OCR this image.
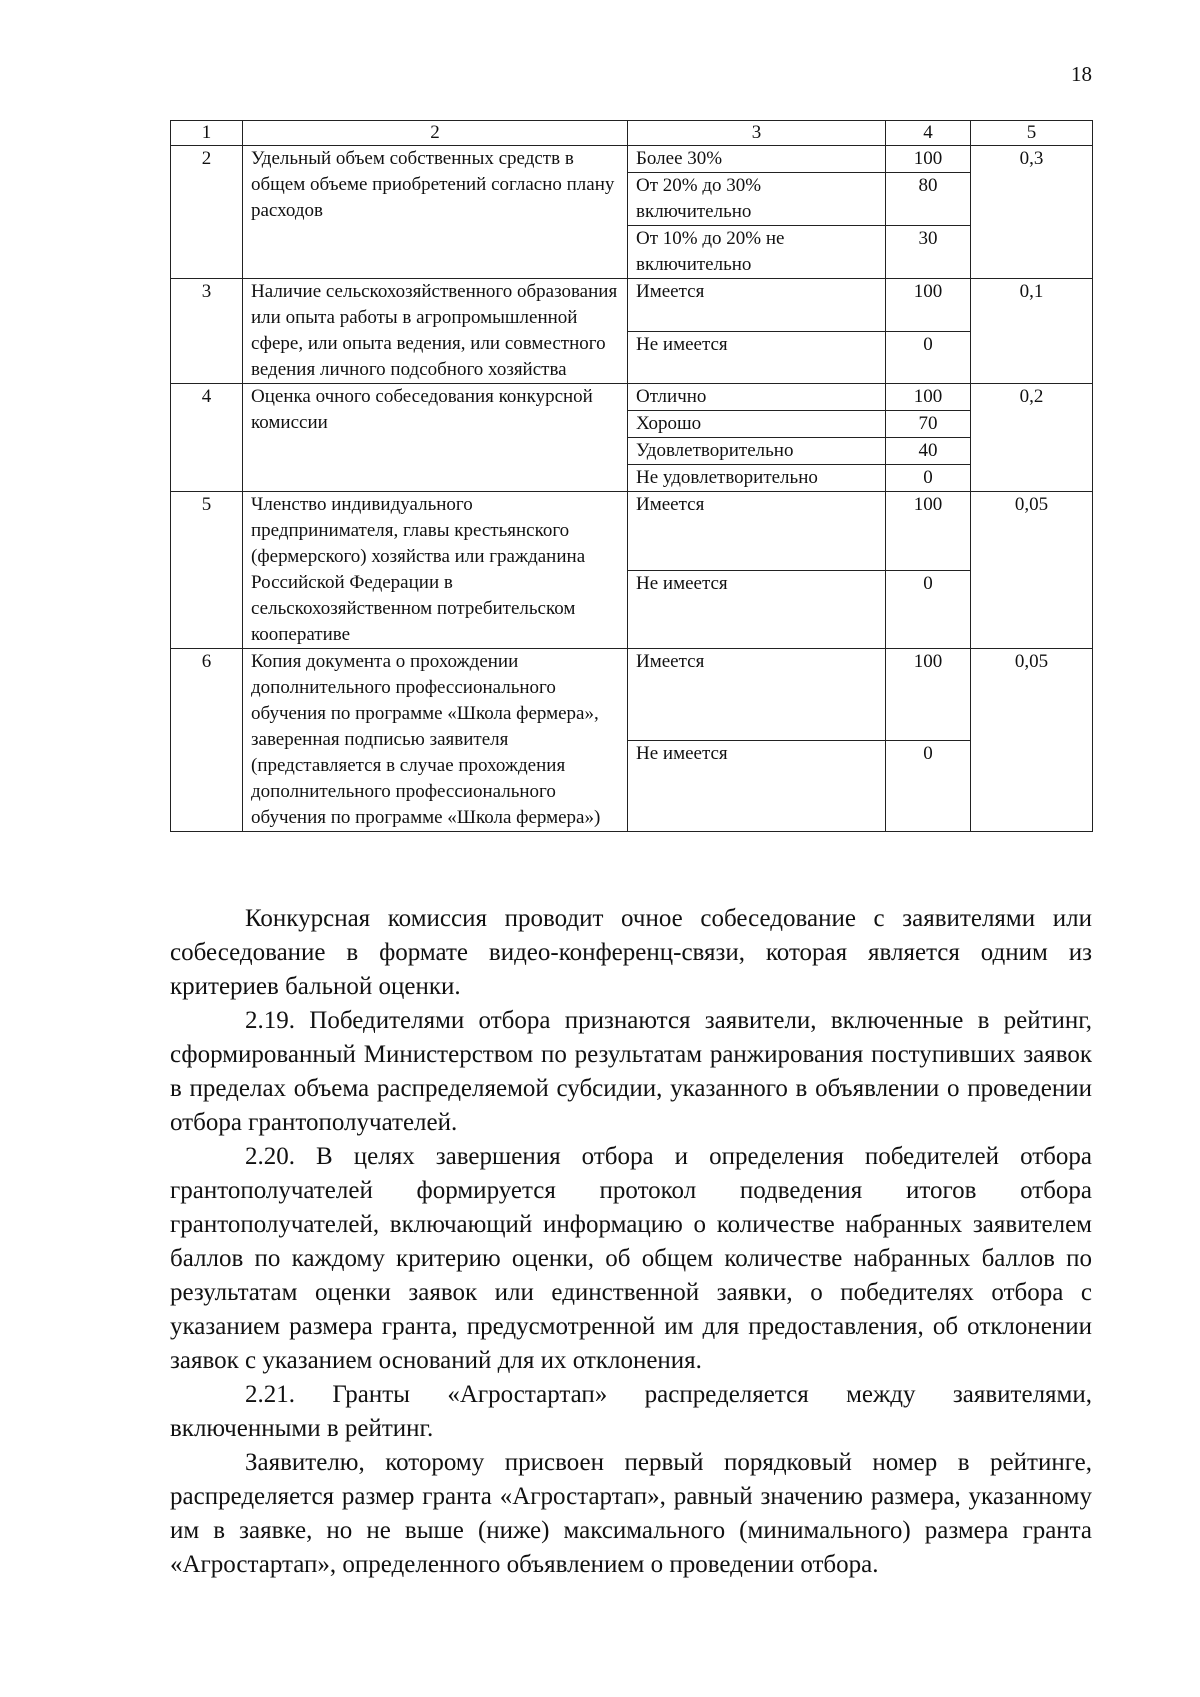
18
1	2	3	4	5
2	Удельный объем собственных средств в общем объеме приобретений согласно плану расходов	Более 30%	100	0,3
		От 20% до 30% включительно	80	
		От 10% до 20% не включительно	30	
3	Наличие сельскохозяйственного образования или опыта работы в агропромышленной сфере, или опыта ведения, или совместного ведения личного подсобного хозяйства	Имеется	100	0,1
		Не имеется	0	
4	Оценка очного собеседования конкурсной комиссии	Отлично	100	0,2
		Хорошо	70	
		Удовлетворительно	40	
		Не удовлетворительно	0	
5	Членство индивидуального предпринимателя, главы крестьянского (фермерского) хозяйства или гражданина Российской Федерации в сельскохозяйственном потребительском кооперативе	Имеется	100	0,05
		Не имеется	0	
6	Копия документа о прохождении дополнительного профессионального обучения по программе «Школа фермера», заверенная подписью заявителя (представляется в случае прохождения дополнительного профессионального обучения по программе «Школа фермера»)	Имеется	100	0,05
		Не имеется	0	

Конкурсная комиссия проводит очное собеседование с заявителями или собеседование в формате видео-конференц-связи, которая является одним из критериев бальной оценки.

2.19. Победителями отбора признаются заявители, включенные в рейтинг, сформированный Министерством по результатам ранжирования поступивших заявок в пределах объема распределяемой субсидии, указанного в объявлении о проведении отбора грантополучателей.

2.20. В целях завершения отбора и определения победителей отбора грантополучателей формируется протокол подведения итогов отбора грантополучателей, включающий информацию о количестве набранных заявителем баллов по каждому критерию оценки, об общем количестве набранных баллов по результатам оценки заявок или единственной заявки, о победителях отбора с указанием размера гранта, предусмотренной им для предоставления, об отклонении заявок с указанием оснований для их отклонения.

2.21. Гранты «Агростартап» распределяется между заявителями, включенными в рейтинг.

Заявителю, которому присвоен первый порядковый номер в рейтинге, распределяется размер гранта «Агростартап», равный значению размера, указанному им в заявке, но не выше (ниже) максимального (минимального) размера гранта «Агростартап», определенного объявлением о проведении отбора.
